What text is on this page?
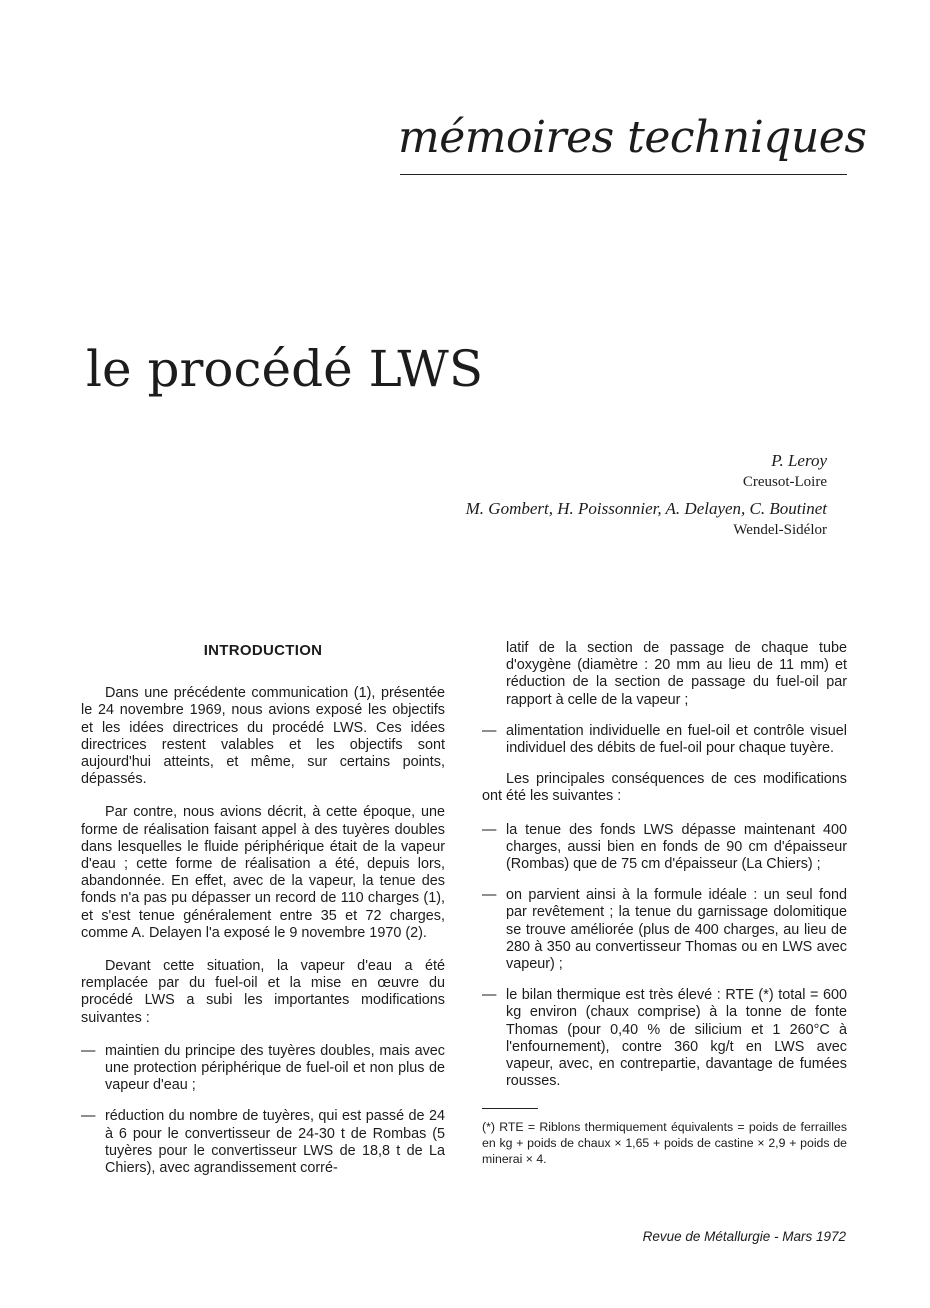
mémoires techniques
le procédé LWS
P. Leroy
Creusot-Loire
M. Gombert, H. Poissonnier, A. Delayen, C. Boutinet
Wendel-Sidélor
INTRODUCTION

Dans une précédente communication (1), présentée le 24 novembre 1969, nous avions exposé les objectifs et les idées directrices du procédé LWS. Ces idées directrices restent valables et les objectifs sont aujourd'hui atteints, et même, sur certains points, dépassés.

Par contre, nous avions décrit, à cette époque, une forme de réalisation faisant appel à des tuyères doubles dans lesquelles le fluide périphérique était de la vapeur d'eau ; cette forme de réalisation a été, depuis lors, abandonnée. En effet, avec de la vapeur, la tenue des fonds n'a pas pu dépasser un record de 110 charges (1), et s'est tenue généralement entre 35 et 72 charges, comme A. Delayen l'a exposé le 9 novembre 1970 (2).

Devant cette situation, la vapeur d'eau a été remplacée par du fuel-oil et la mise en œuvre du procédé LWS a subi les importantes modifications suivantes :

— maintien du principe des tuyères doubles, mais avec une protection périphérique de fuel-oil et non plus de vapeur d'eau ;
— réduction du nombre de tuyères, qui est passé de 24 à 6 pour le convertisseur de 24-30 t de Rombas (5 tuyères pour le convertisseur LWS de 18,8 t de La Chiers), avec agrandissement corré-
latif de la section de passage de chaque tube d'oxygène (diamètre : 20 mm au lieu de 11 mm) et réduction de la section de passage du fuel-oil par rapport à celle de la vapeur ;
— alimentation individuelle en fuel-oil et contrôle visuel individuel des débits de fuel-oil pour chaque tuyère.

Les principales conséquences de ces modifications ont été les suivantes :

— la tenue des fonds LWS dépasse maintenant 400 charges, aussi bien en fonds de 90 cm d'épaisseur (Rombas) que de 75 cm d'épaisseur (La Chiers) ;
— on parvient ainsi à la formule idéale : un seul fond par revêtement ; la tenue du garnissage dolomitique se trouve améliorée (plus de 400 charges, au lieu de 280 à 350 au convertisseur Thomas ou en LWS avec vapeur) ;
— le bilan thermique est très élevé : RTE (*) total = 600 kg environ (chaux comprise) à la tonne de fonte Thomas (pour 0,40 % de silicium et 1 260°C à l'enfournement), contre 360 kg/t en LWS avec vapeur, avec, en contrepartie, davantage de fumées rousses.

(*) RTE = Riblons thermiquement équivalents = poids de ferrailles en kg + poids de chaux × 1,65 + poids de castine × 2,9 + poids de minerai × 4.

Revue de Métallurgie - Mars 1972
